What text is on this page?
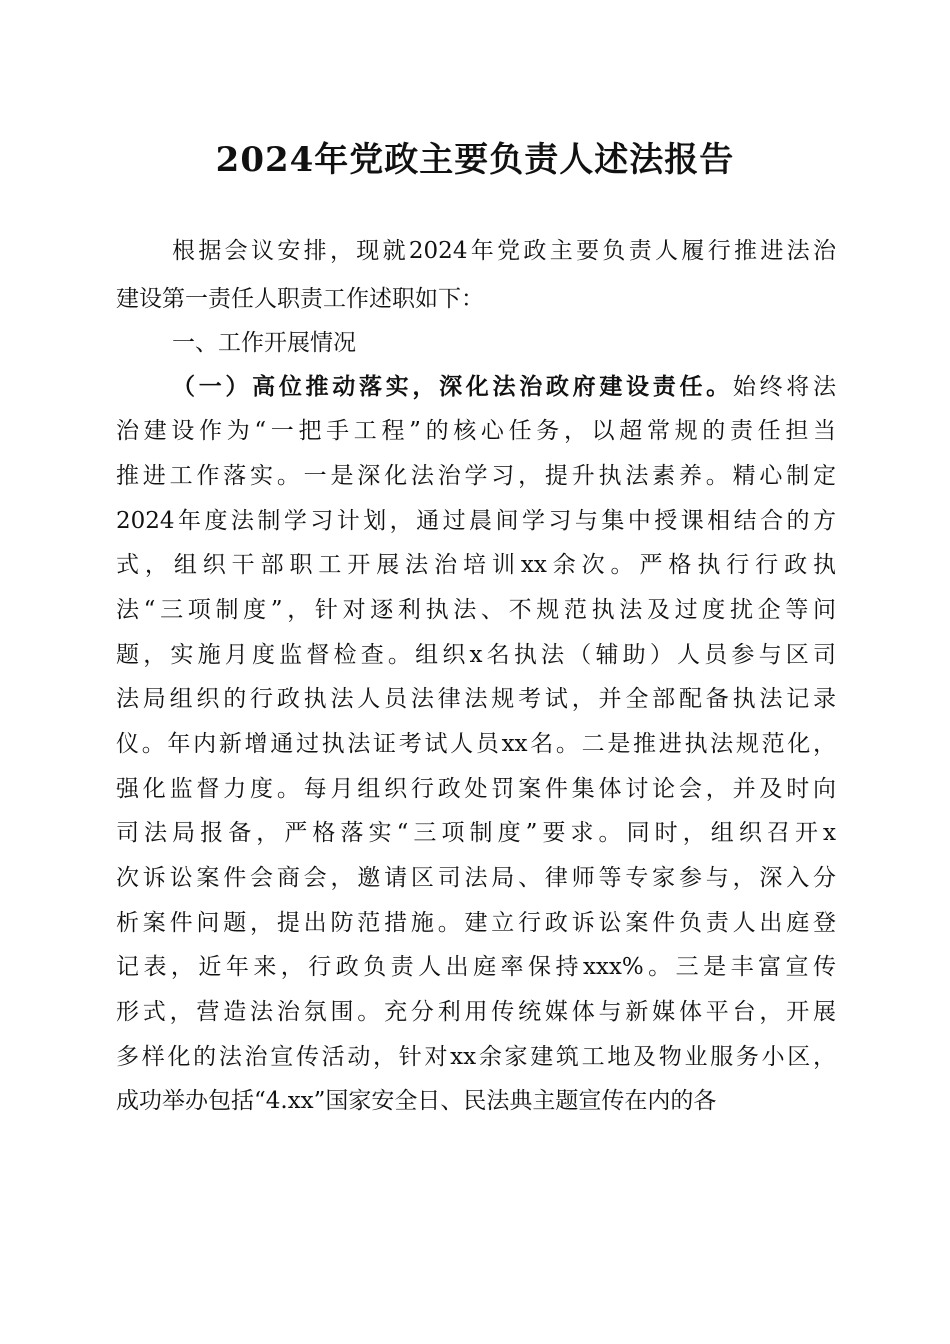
2024年党政主要负责人述法报告
根据会议安排，现就2024年党政主要负责人履行推进法治
建设第一责任人职责工作述职如下：
一、工作开展情况
（一）高位推动落实，深化法治政府建设责任。始终将法
治建设作为“一把手工程”的核心任务，以超常规的责任担当
推进工作落实。一是深化法治学习，提升执法素养。精心制定
2024年度法制学习计划，通过晨间学习与集中授课相结合的方
式，组织干部职工开展法治培训xx余次。严格执行行政执
法“三项制度”，针对逐利执法、不规范执法及过度扰企等问
题，实施月度监督检查。组织x名执法（辅助）人员参与区司
法局组织的行政执法人员法律法规考试，并全部配备执法记录
仪。年内新增通过执法证考试人员xx名。二是推进执法规范化，
强化监督力度。每月组织行政处罚案件集体讨论会，并及时向
司法局报备，严格落实“三项制度”要求。同时，组织召开x
次诉讼案件会商会，邀请区司法局、律师等专家参与，深入分
析案件问题，提出防范措施。建立行政诉讼案件负责人出庭登
记表，近年来，行政负责人出庭率保持xxx%。三是丰富宣传
形式，营造法治氛围。充分利用传统媒体与新媒体平台，开展
多样化的法治宣传活动，针对xx余家建筑工地及物业服务小区，
成功举办包括“4.xx”国家安全日、民法典主题宣传在内的各
